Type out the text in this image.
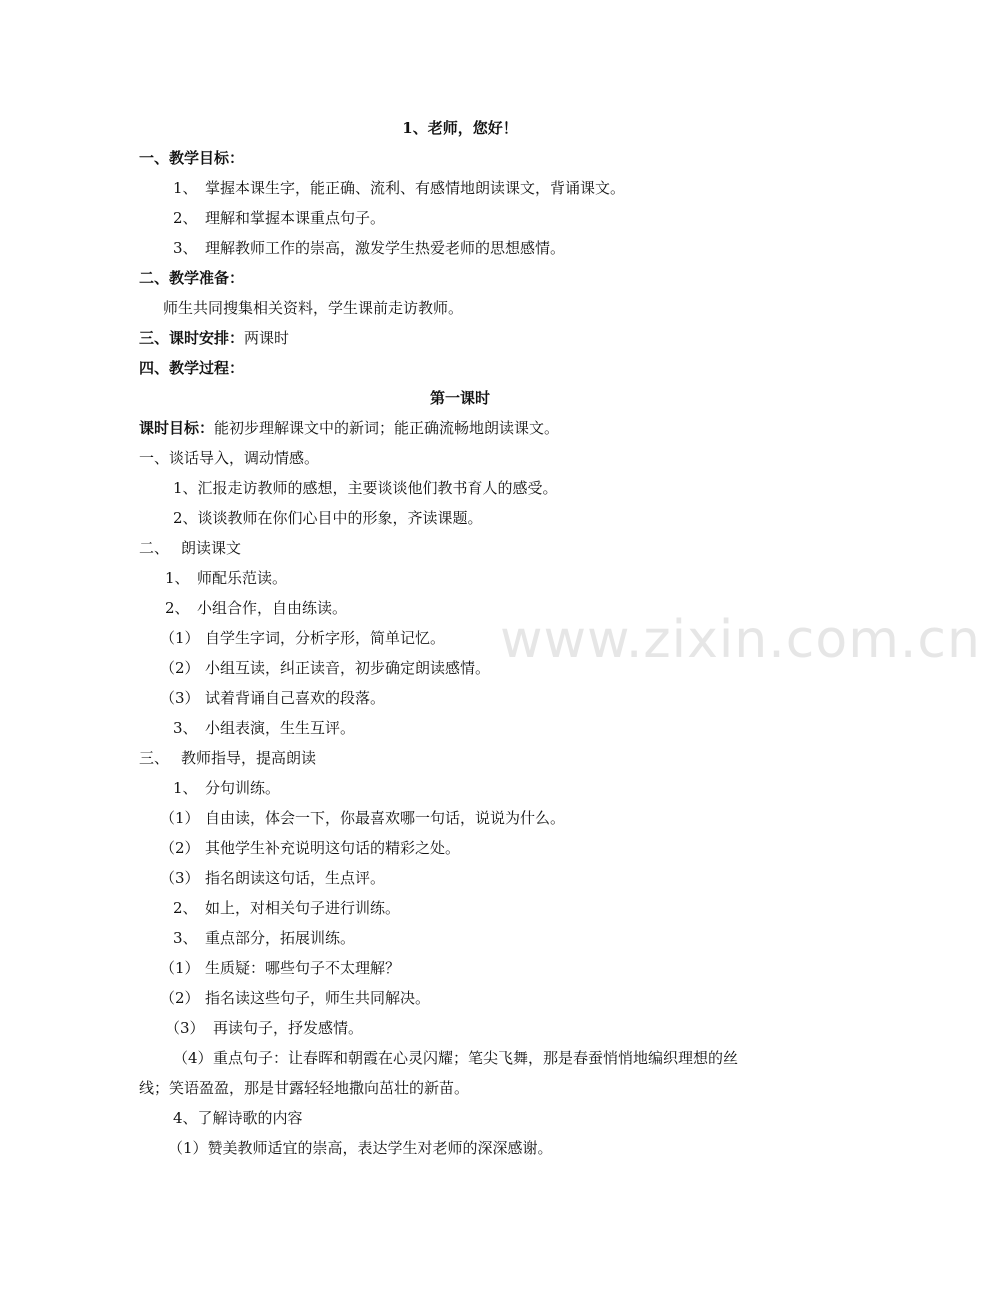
1、老师，您好！
一、教学目标：
1、 掌握本课生字，能正确、流利、有感情地朗读课文，背诵课文。
2、 理解和掌握本课重点句子。
3、 理解教师工作的崇高，激发学生热爱老师的思想感情。
二、教学准备：
师生共同搜集相关资料，学生课前走访教师。
三、课时安排：两课时
四、教学过程：
第一课时
课时目标：能初步理解课文中的新词；能正确流畅地朗读课文。
一、谈话导入，调动情感。
1、汇报走访教师的感想，主要谈谈他们教书育人的感受。
2、谈谈教师在你们心目中的形象，齐读课题。
二、 朗读课文
1、 师配乐范读。
2、 小组合作，自由练读。
（1） 自学生字词，分析字形，简单记忆。
（2） 小组互读，纠正读音，初步确定朗读感情。
（3） 试着背诵自己喜欢的段落。
3、 小组表演，生生互评。
三、 教师指导，提高朗读
1、 分句训练。
（1） 自由读，体会一下，你最喜欢哪一句话，说说为什么。
（2） 其他学生补充说明这句话的精彩之处。
（3） 指名朗读这句话，生点评。
2、 如上，对相关句子进行训练。
3、 重点部分，拓展训练。
（1） 生质疑：哪些句子不太理解？
（2） 指名读这些句子，师生共同解决。
（3） 再读句子，抒发感情。
（4） 重点句子：让春晖和朝霞在心灵闪耀；笔尖飞舞，那是春蚕悄悄地编织理想的丝
线；笑语盈盈，那是甘露轻轻地撒向茁壮的新苗。
4、了解诗歌的内容
（1）赞美教师适宜的崇高，表达学生对老师的深深感谢。
www.zixin.com.cn
